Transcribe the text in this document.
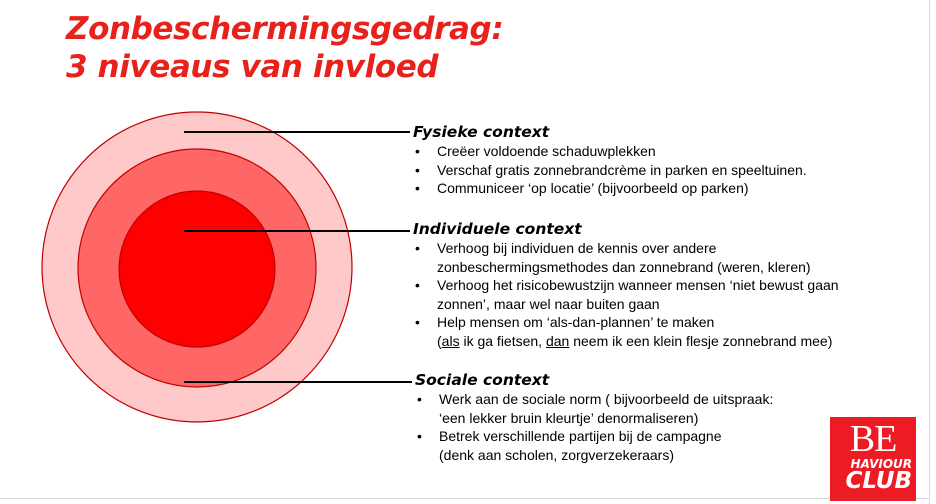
Zonbeschermingsgedrag:
3 niveaus van invloed
Fysieke context
• Creëer voldoende schaduwplekken
• Verschaf gratis zonnebrandcrème in parken en speeltuinen.
• Communiceer ‘op locatie’ (bijvoorbeeld op parken)
Individuele context
• Verhoog bij individuen de kennis over andere
zonbeschermingsmethodes dan zonnebrand (weren, kleren)
• Verhoog het risicobewustzijn wanneer mensen ‘niet bewust gaan
zonnen’, maar wel naar buiten gaan
• Help mensen om ‘als-dan-plannen’ te maken
(als ik ga fietsen, dan neem ik een klein flesje zonnebrand mee)
Sociale context
• Werk aan de sociale norm ( bijvoorbeeld de uitspraak:
‘een lekker bruin kleurtje’ denormaliseren)
• Betrek verschillende partijen bij de campagne
(denk aan scholen, zorgverzekeraars)	BE
HAVIOUR
CLUB
